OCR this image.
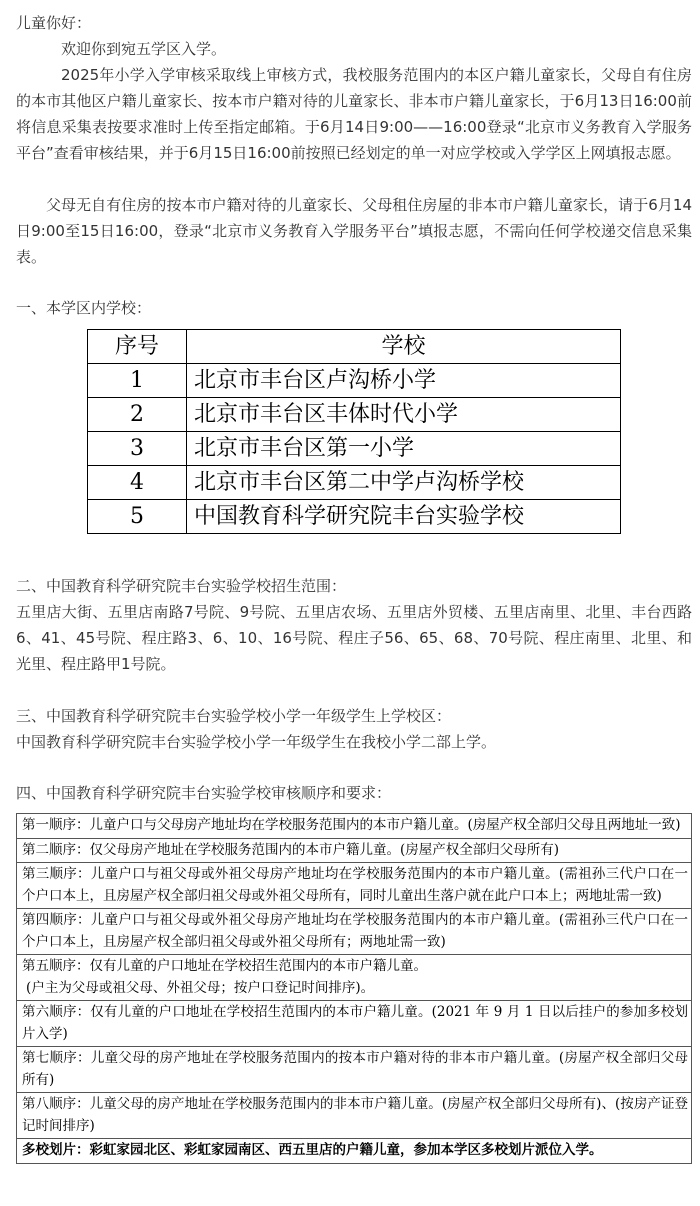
儿童你好：

欢迎你到宛五学区入学。

2025年小学入学审核采取线上审核方式，我校服务范围内的本区户籍儿童家长，父母自有住房的本市其他区户籍儿童家长、按本市户籍对待的儿童家长、非本市户籍儿童家长，于6月13日16:00前将信息采集表按要求准时上传至指定邮箱。于6月14日9:00——16:00登录“北京市义务教育入学服务平台”查看审核结果，并于6月15日16:00前按照已经划定的单一对应学校或入学学区上网填报志愿。

父母无自有住房的按本市户籍对待的儿童家长、父母租住房屋的非本市户籍儿童家长，请于6月14日9:00至15日16:00，登录“北京市义务教育入学服务平台”填报志愿，不需向任何学校递交信息采集表。

一、本学区内学校：

序号	学校
1	北京市丰台区卢沟桥小学
2	北京市丰台区丰体时代小学
3	北京市丰台区第一小学
4	北京市丰台区第二中学卢沟桥学校
5	中国教育科学研究院丰台实验学校

二、中国教育科学研究院丰台实验学校招生范围：

五里店大街、五里店南路7号院、9号院、五里店农场、五里店外贸楼、五里店南里、北里、丰台西路6、41、45号院、程庄路3、6、10、16号院、程庄子56、65、68、70号院、程庄南里、北里、和光里、程庄路甲1号院。

三、中国教育科学研究院丰台实验学校小学一年级学生上学校区：

中国教育科学研究院丰台实验学校小学一年级学生在我校小学二部上学。

四、中国教育科学研究院丰台实验学校审核顺序和要求：

第一顺序：儿童户口与父母房产地址均在学校服务范围内的本市户籍儿童。(房屋产权全部归父母且两地址一致)
第二顺序：仅父母房产地址在学校服务范围内的本市户籍儿童。(房屋产权全部归父母所有)
第三顺序：儿童户口与祖父母或外祖父母房产地址均在学校服务范围内的本市户籍儿童。(需祖孙三代户口在一个户口本上，且房屋产权全部归祖父母或外祖父母所有，同时儿童出生落户就在此户口本上；两地址需一致)
第四顺序：儿童户口与祖父母或外祖父母房产地址均在学校服务范围内的本市户籍儿童。(需祖孙三代户口在一个户口本上，且房屋产权全部归祖父母或外祖父母所有；两地址需一致)
第五顺序：仅有儿童的户口地址在学校招生范围内的本市户籍儿童。
(户主为父母或祖父母、外祖父母；按户口登记时间排序)。

第六顺序：仅有儿童的户口地址在学校招生范围内的本市户籍儿童。(2021 年 9 月 1 日以后挂户的参加多校划片入学)
第七顺序：儿童父母的房产地址在学校服务范围内的按本市户籍对待的非本市户籍儿童。(房屋产权全部归父母所有)
第八顺序：儿童父母的房产地址在学校服务范围内的非本市户籍儿童。(房屋产权全部归父母所有)、(按房产证登记时间排序)
多校划片：彩虹家园北区、彩虹家园南区、西五里店的户籍儿童，参加本学区多校划片派位入学。
